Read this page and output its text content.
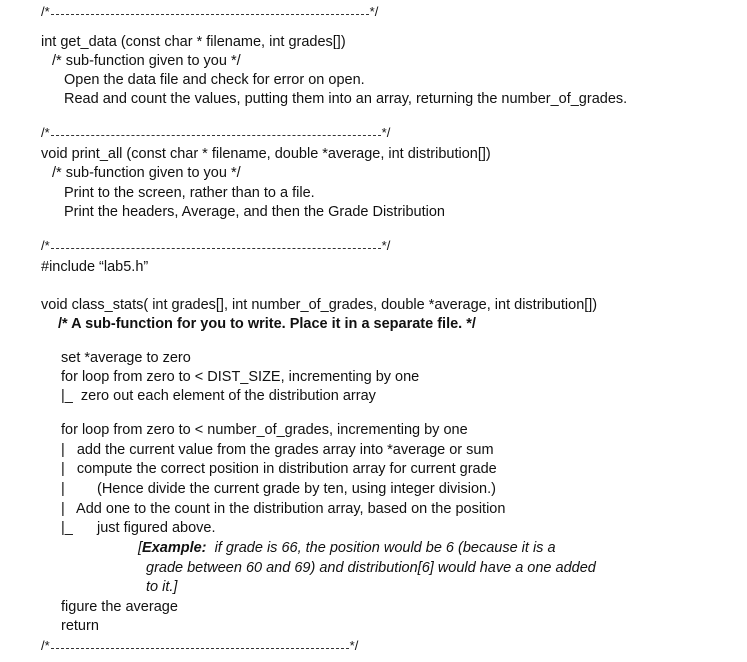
/*	*/
int get_data (const char * filename, int grades[])
/* sub-function given to you */
Open the data file and check for error on open.
Read and count the values, putting them into an array, returning the number_of_grades.
/*	*/
void print_all (const char * filename, double *average, int distribution[])
/* sub-function given to you */
Print to the screen, rather than to a file.
Print the headers, Average, and then the Grade Distribution
/*	*/
#include “lab5.h”
void class_stats( int grades[], int number_of_grades, double *average, int distribution[])
/* A sub-function for you to write. Place it in a separate file. */
set *average to zero
for loop from zero to < DIST_SIZE, incrementing by one
|_  zero out each element of the distribution array
for loop from zero to < number_of_grades, incrementing by one
|   add the current value from the grades array into *average or sum
|   compute the correct position in distribution array for current grade
|        (Hence divide the current grade by ten, using integer division.)
|   Add one to the count in the distribution array, based on the position
|_      just figured above.
[Example:  if grade is 66, the position would be 6 (because it is a
grade between 60 and 69) and distribution[6] would have a one added
to it.]
figure the average
return
/*	*/
